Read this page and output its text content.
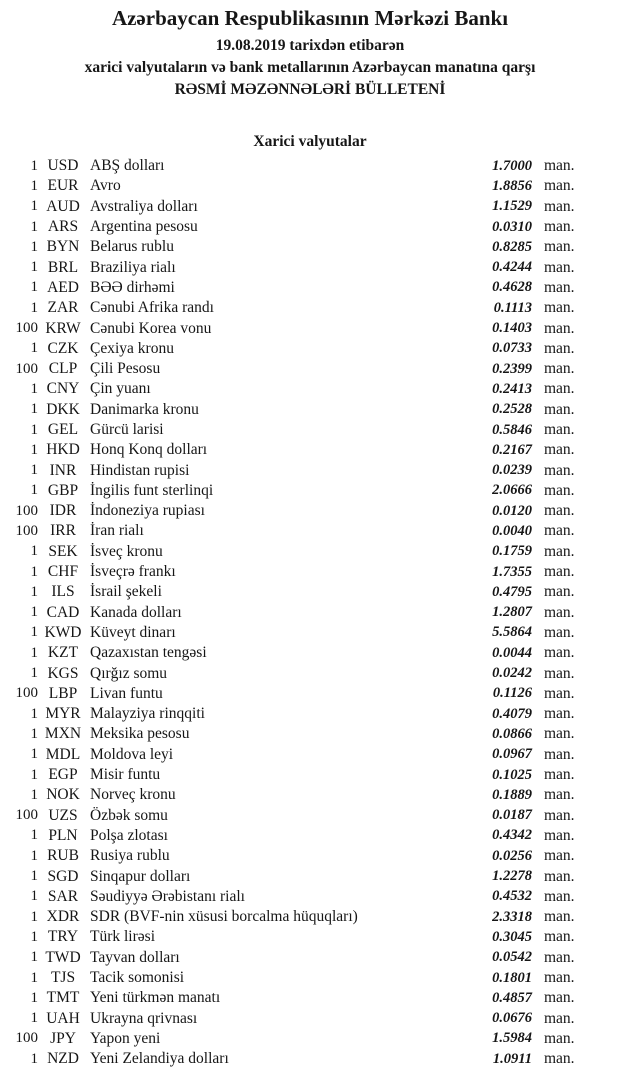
Azərbaycan Respublikasının Mərkəzi Bankı
19.08.2019 tarixdən etibarən
xarici valyutaların və bank metallarının Azərbaycan manatına qarşı
RƏSMİ MƏZƏNNƏLƏRİ BÜLLETENİ
Xarici valyutalar
1 USD ABŞ dolları	1.7000 man.
1 EUR Avro	1.8856 man.
1 AUD Avstraliya dolları	1.1529 man.
1 ARS Argentina pesosu	0.0310 man.
1 BYN Belarus rublu	0.8285 man.
1 BRL Braziliya rialı	0.4244 man.
1 AED BƏƏ dirhəmi	0.4628 man.
1 ZAR Cənubi Afrika randı	0.1113 man.
100 KRW Cənubi Korea vonu	0.1403 man.
1 CZK Çexiya kronu	0.0733 man.
100 CLP Çili Pesosu	0.2399 man.
1 CNY Çin yuanı	0.2413 man.
1 DKK Danimarka kronu	0.2528 man.
1 GEL Gürcü larisi	0.5846 man.
1 HKD Honq Konq dolları	0.2167 man.
1 INR Hindistan rupisi	0.0239 man.
1 GBP İngilis funt sterlinqi	2.0666 man.
100 IDR İndoneziya rupiası	0.0120 man.
100 IRR İran rialı	0.0040 man.
1 SEK İsveç kronu	0.1759 man.
1 CHF İsveçrə frankı	1.7355 man.
1 ILS İsrail şekeli	0.4795 man.
1 CAD Kanada dolları	1.2807 man.
1 KWD Küveyt dinarı	5.5864 man.
1 KZT Qazaxıstan tengəsi	0.0044 man.
1 KGS Qırğız somu	0.0242 man.
100 LBP Livan funtu	0.1126 man.
1 MYR Malayziya rinqqiti	0.4079 man.
1 MXN Meksika pesosu	0.0866 man.
1 MDL Moldova leyi	0.0967 man.
1 EGP Misir funtu	0.1025 man.
1 NOK Norveç kronu	0.1889 man.
100 UZS Özbək somu	0.0187 man.
1 PLN Polşa zlotası	0.4342 man.
1 RUB Rusiya rublu	0.0256 man.
1 SGD Sinqapur dolları	1.2278 man.
1 SAR Səudiyyə Ərəbistanı rialı	0.4532 man.
1 XDR SDR (BVF-nin xüsusi borcalma hüquqları)	2.3318 man.
1 TRY Türk lirəsi	0.3045 man.
1 TWD Tayvan dolları	0.0542 man.
1 TJS Tacik somonisi	0.1801 man.
1 TMT Yeni türkmən manatı	0.4857 man.
1 UAH Ukrayna qrivnası	0.0676 man.
100 JPY Yapon yeni	1.5984 man.
1 NZD Yeni Zelandiya dolları	1.0911 man.
